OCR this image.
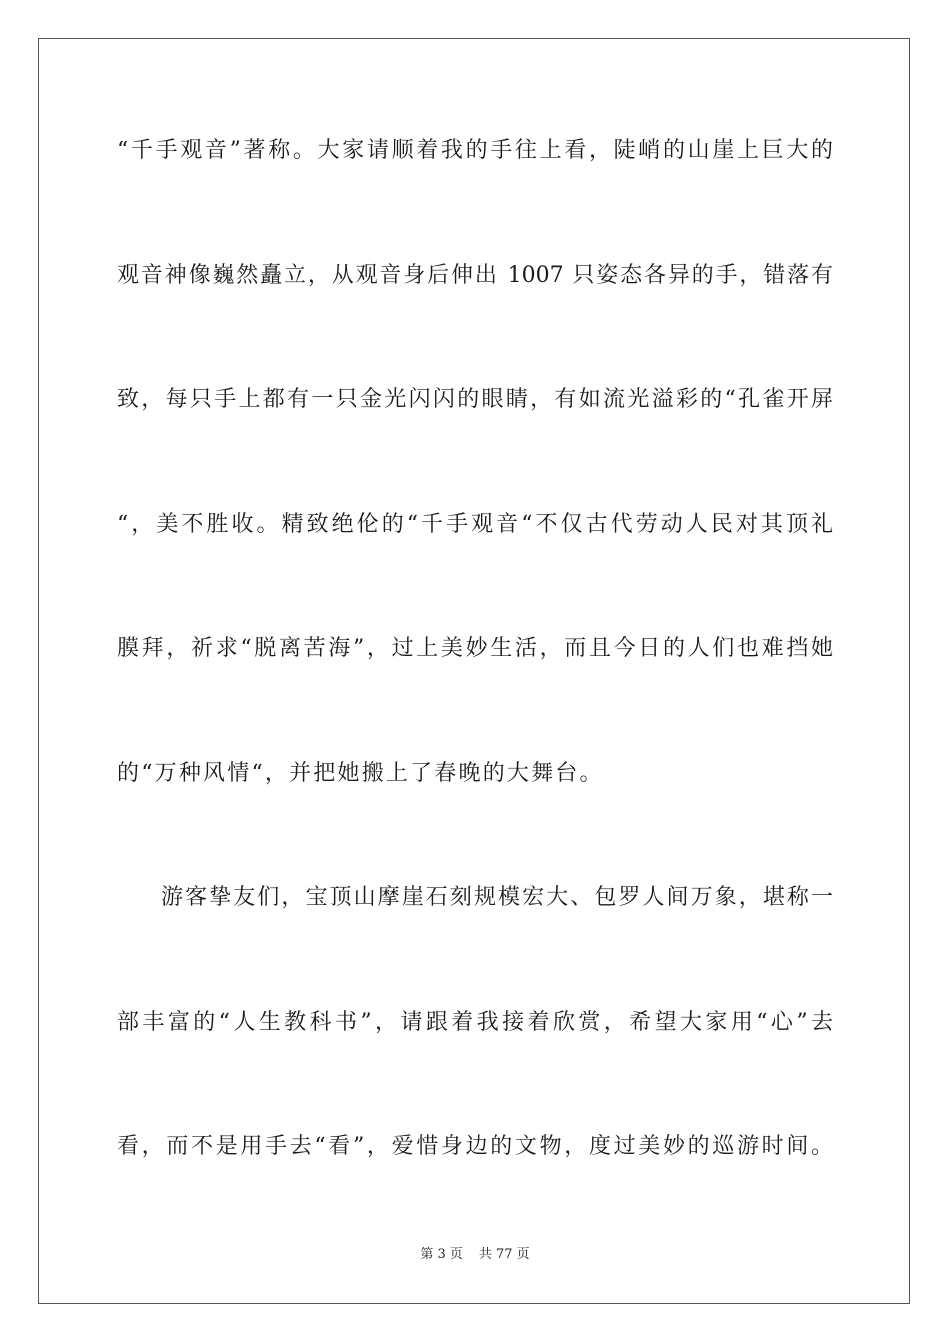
“千手观音”著称。大家请顺着我的手往上看，陡峭的山崖上巨大的
观音神像巍然矗立，从观音身后伸出 1007 只姿态各异的手，错落有
致，每只手上都有一只金光闪闪的眼睛，有如流光溢彩的“孔雀开屏
“，美不胜收。精致绝伦的“千手观音“不仅古代劳动人民对其顶礼
膜拜，祈求“脱离苦海”，过上美妙生活，而且今日的人们也难挡她
的“万种风情“，并把她搬上了春晚的大舞台。
游客挚友们，宝顶山摩崖石刻规模宏大、包罗人间万象，堪称一
部丰富的“人生教科书”，请跟着我接着欣赏，希望大家用“心”去
看，而不是用手去“看”，爱惜身边的文物，度过美妙的巡游时间。
第 3 页 共 77 页
